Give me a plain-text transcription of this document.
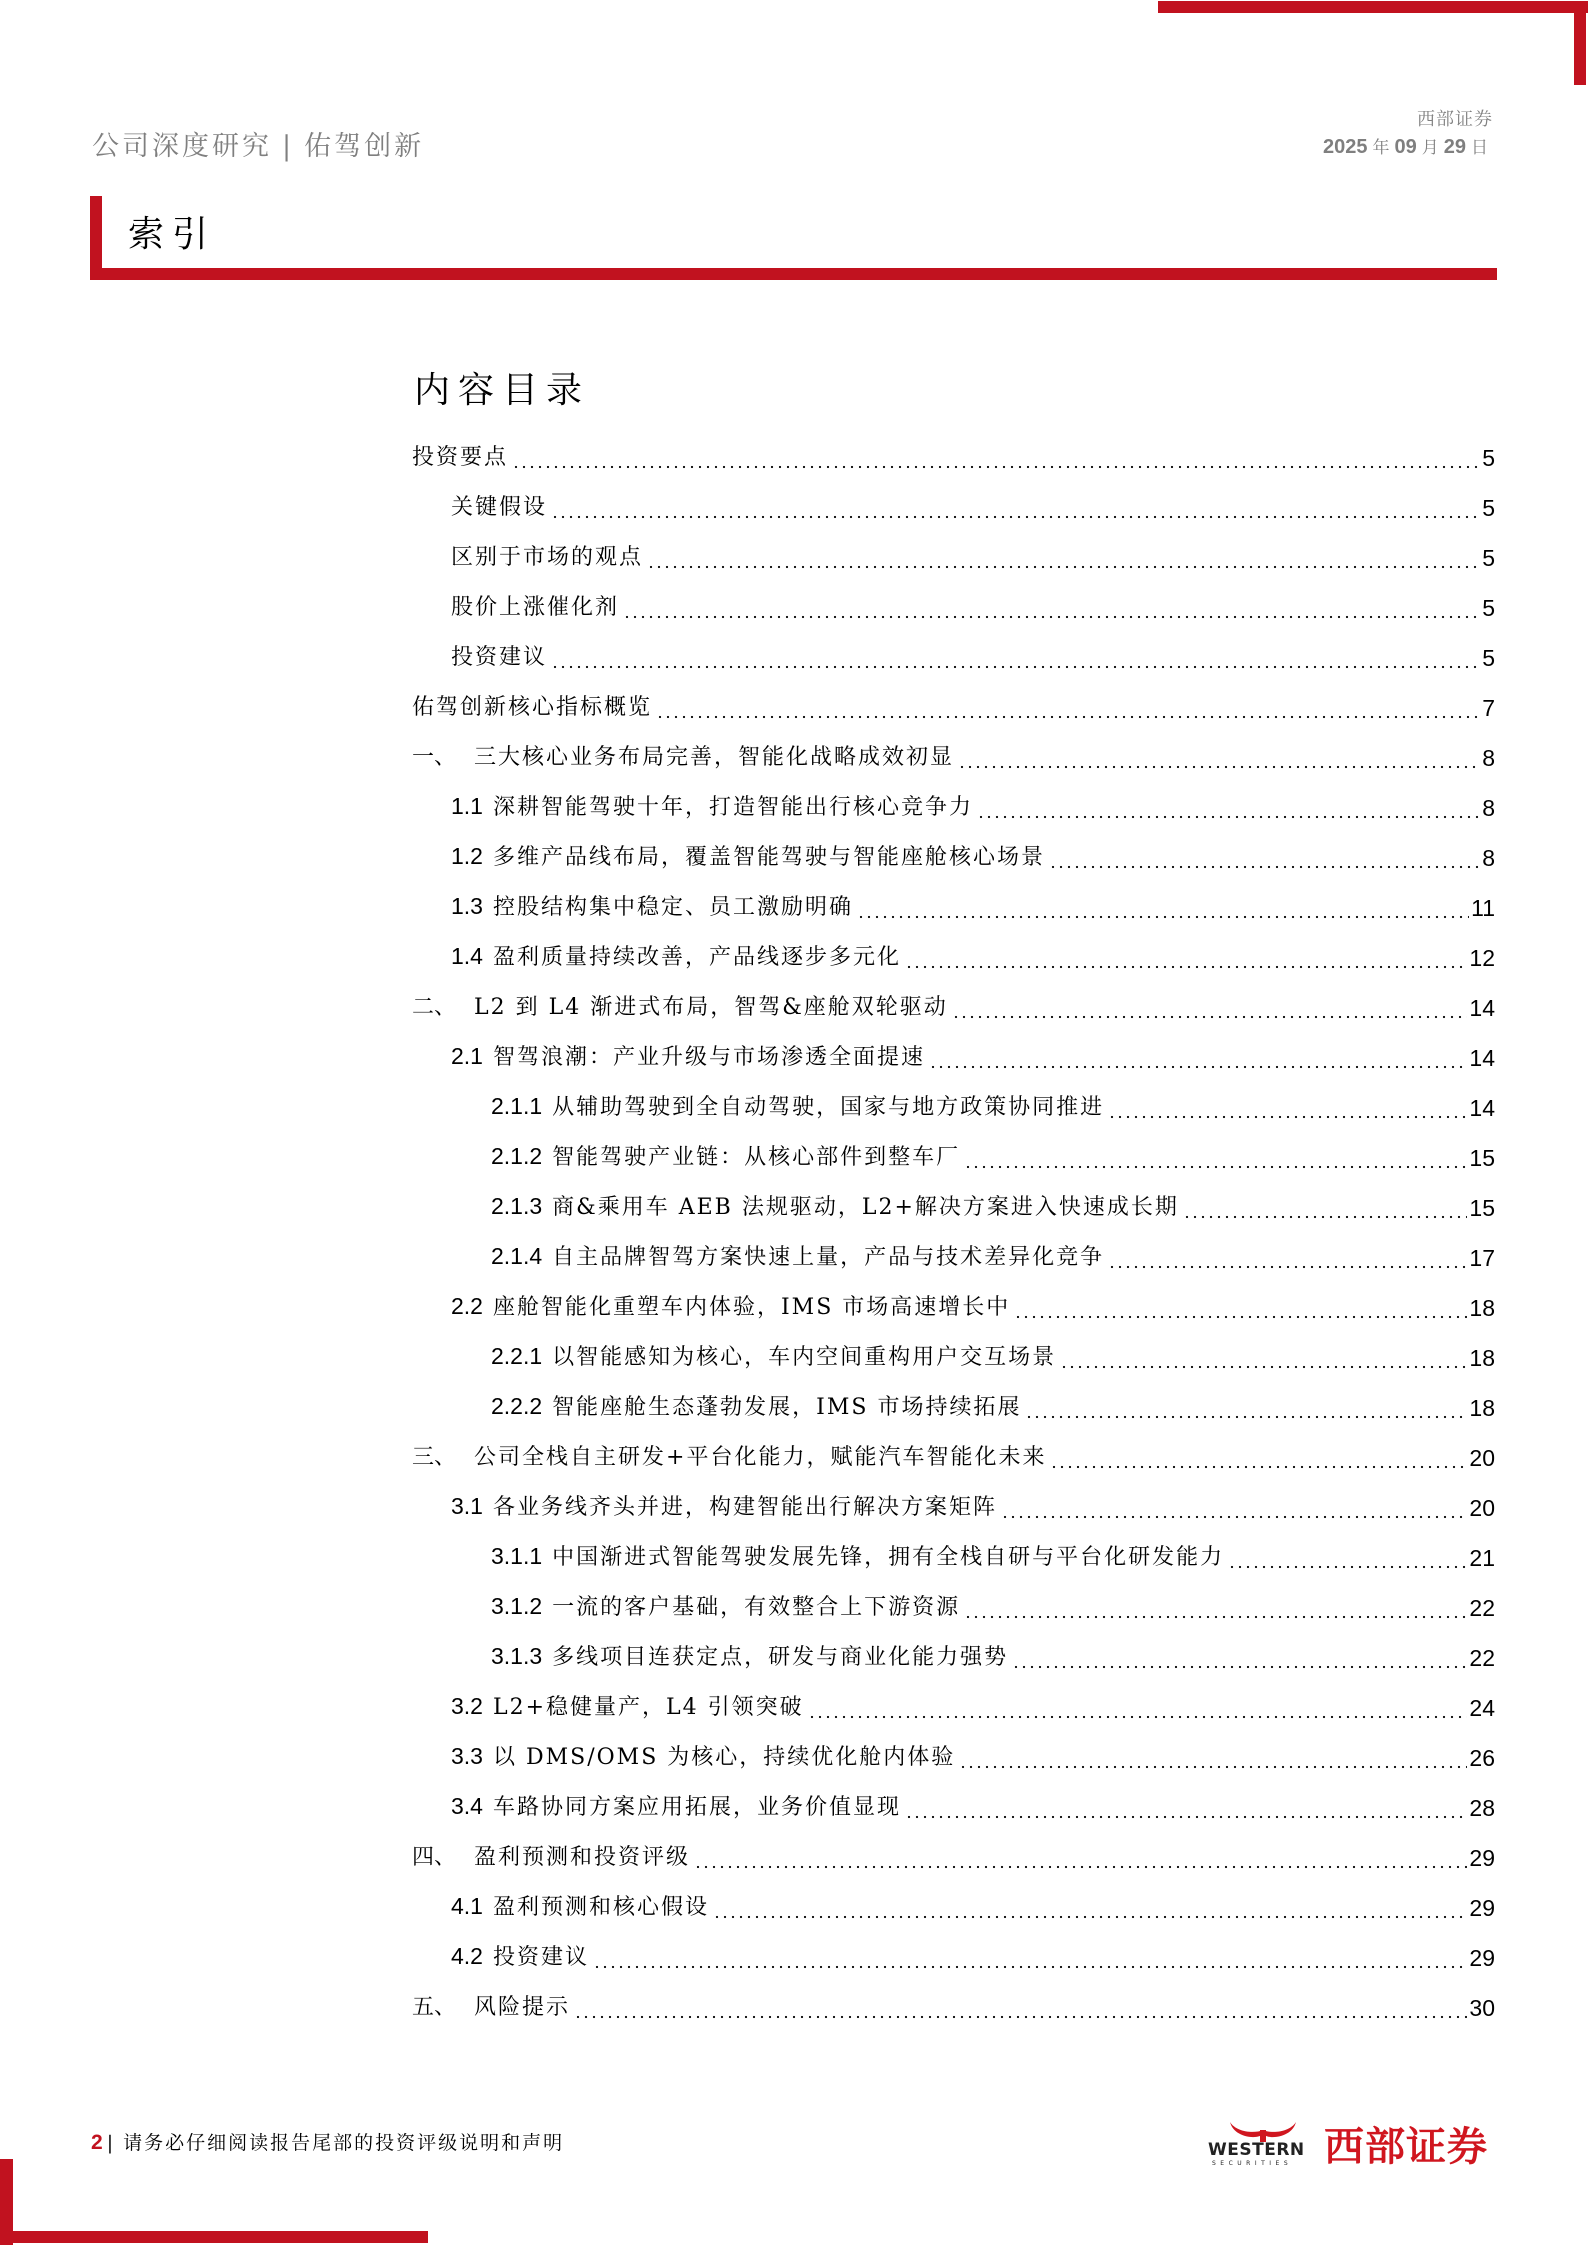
公司深度研究 | 佑驾创新
西部证券
2025 年 09 月 29 日
索引
内容目录
投资要点	5
关键假设	5
区别于市场的观点	5
股价上涨催化剂	5
投资建议	5
佑驾创新核心指标概览	7
一、 三大核心业务布局完善，智能化战略成效初显	8
1.1 深耕智能驾驶十年，打造智能出行核心竞争力	8
1.2 多维产品线布局，覆盖智能驾驶与智能座舱核心场景	8
1.3 控股结构集中稳定、员工激励明确	11
1.4 盈利质量持续改善，产品线逐步多元化	12
二、 L2 到 L4 渐进式布局，智驾&座舱双轮驱动	14
2.1 智驾浪潮：产业升级与市场渗透全面提速	14
2.1.1 从辅助驾驶到全自动驾驶，国家与地方政策协同推进	14
2.1.2 智能驾驶产业链：从核心部件到整车厂	15
2.1.3 商&乘用车 AEB 法规驱动，L2+解决方案进入快速成长期	15
2.1.4 自主品牌智驾方案快速上量，产品与技术差异化竞争	17
2.2 座舱智能化重塑车内体验，IMS 市场高速增长中	18
2.2.1 以智能感知为核心，车内空间重构用户交互场景	18
2.2.2 智能座舱生态蓬勃发展，IMS 市场持续拓展	18
三、 公司全栈自主研发+平台化能力，赋能汽车智能化未来	20
3.1 各业务线齐头并进，构建智能出行解决方案矩阵	20
3.1.1 中国渐进式智能驾驶发展先锋，拥有全栈自研与平台化研发能力	21
3.1.2 一流的客户基础，有效整合上下游资源	22
3.1.3 多线项目连获定点，研发与商业化能力强势	22
3.2 L2+稳健量产，L4 引领突破	24
3.3 以 DMS/OMS 为核心，持续优化舱内体验	26
3.4 车路协同方案应用拓展，业务价值显现	28
四、 盈利预测和投资评级	29
4.1 盈利预测和核心假设	29
4.2 投资建议	29
五、 风险提示	30
2 | 请务必仔细阅读报告尾部的投资评级说明和声明	WESTERN
SECURITIES 西部证券
